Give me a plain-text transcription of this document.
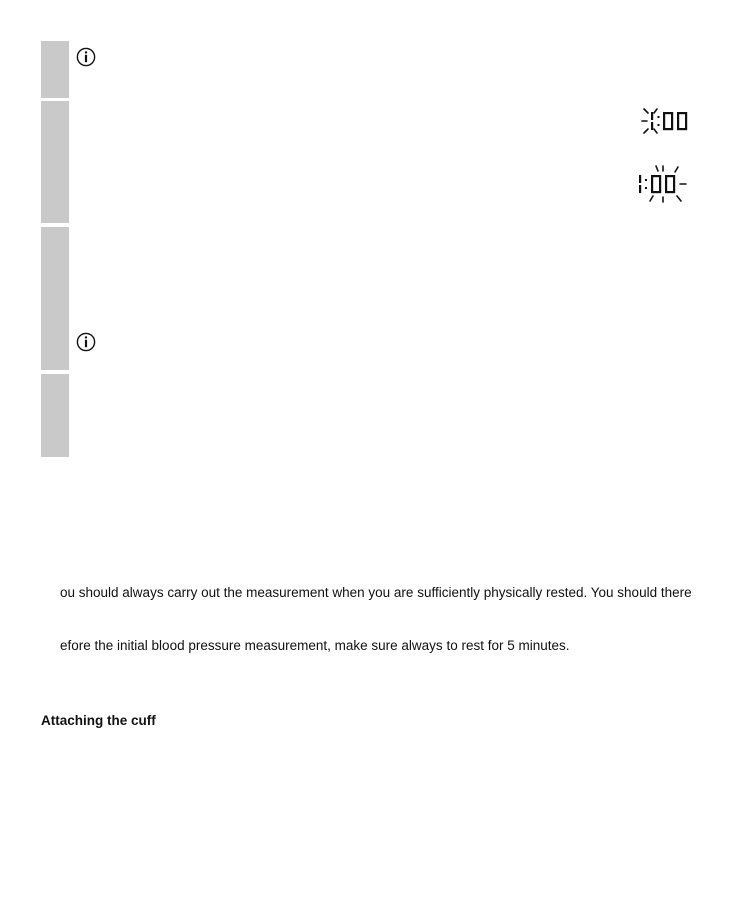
ou should always carry out the measurement when you are sufficiently physically rested. You should there
efore the initial blood pressure measurement, make sure always to rest for 5 minutes.
Attaching the cuff
